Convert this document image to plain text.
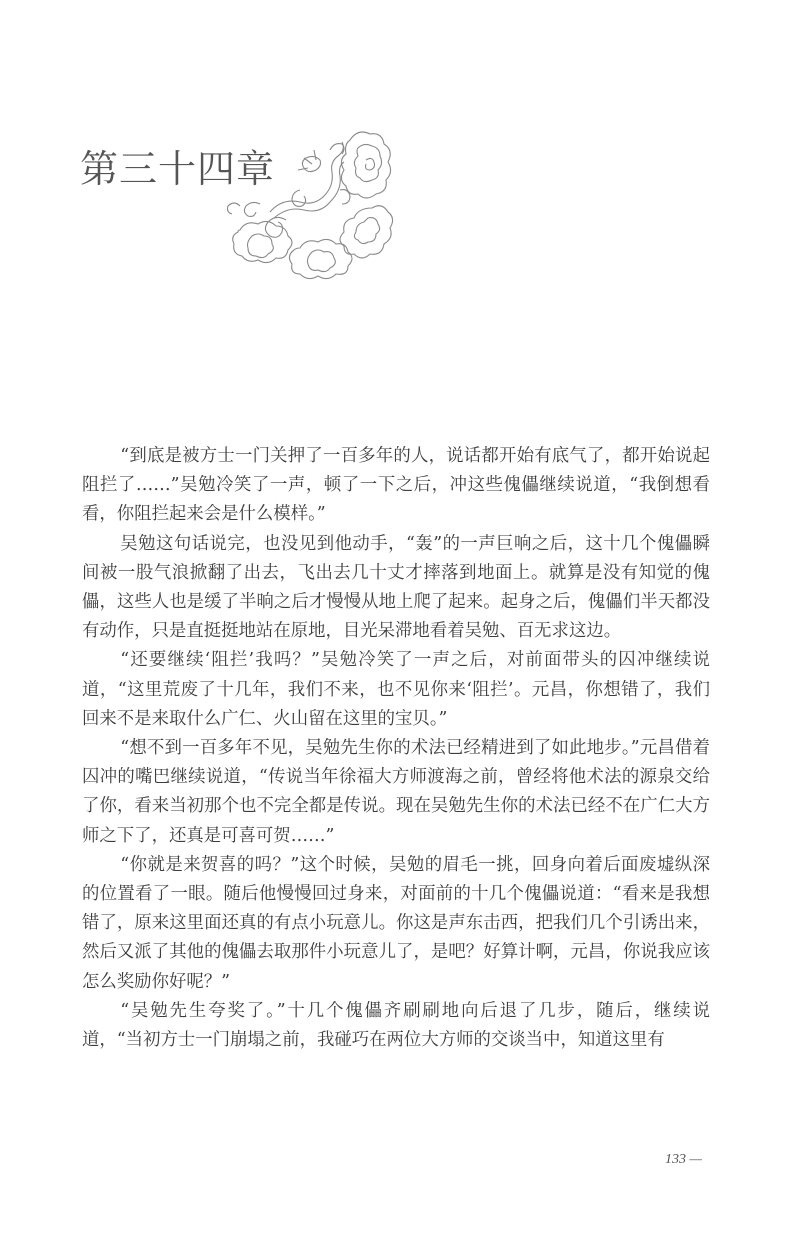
第三十四章

“到底是被方士一门关押了一百多年的人，说话都开始有底气了，都开始说起阻拦了……”吴勉冷笑了一声，顿了一下之后，冲这些傀儡继续说道，“我倒想看看，你阻拦起来会是什么模样。”

吴勉这句话说完，也没见到他动手，“轰”的一声巨响之后，这十几个傀儡瞬间被一股气浪掀翻了出去，飞出去几十丈才摔落到地面上。就算是没有知觉的傀儡，这些人也是缓了半晌之后才慢慢从地上爬了起来。起身之后，傀儡们半天都没有动作，只是直挺挺地站在原地，目光呆滞地看着吴勉、百无求这边。

“还要继续‘阻拦’我吗？”吴勉冷笑了一声之后，对前面带头的囚冲继续说道，“这里荒废了十几年，我们不来，也不见你来‘阻拦’。元昌，你想错了，我们回来不是来取什么广仁、火山留在这里的宝贝。”

“想不到一百多年不见，吴勉先生你的术法已经精进到了如此地步。”元昌借着囚冲的嘴巴继续说道，“传说当年徐福大方师渡海之前，曾经将他术法的源泉交给了你，看来当初那个也不完全都是传说。现在吴勉先生你的术法已经不在广仁大方师之下了，还真是可喜可贺……”

“你就是来贺喜的吗？”这个时候，吴勉的眉毛一挑，回身向着后面废墟纵深的位置看了一眼。随后他慢慢回过身来，对面前的十几个傀儡说道：“看来是我想错了，原来这里面还真的有点小玩意儿。你这是声东击西，把我们几个引诱出来，然后又派了其他的傀儡去取那件小玩意儿了，是吧？好算计啊，元昌，你说我应该怎么奖励你好呢？”

“吴勉先生夸奖了。”十几个傀儡齐刷刷地向后退了几步，随后，继续说道，“当初方士一门崩塌之前，我碰巧在两位大方师的交谈当中，知道这里有

133 —
